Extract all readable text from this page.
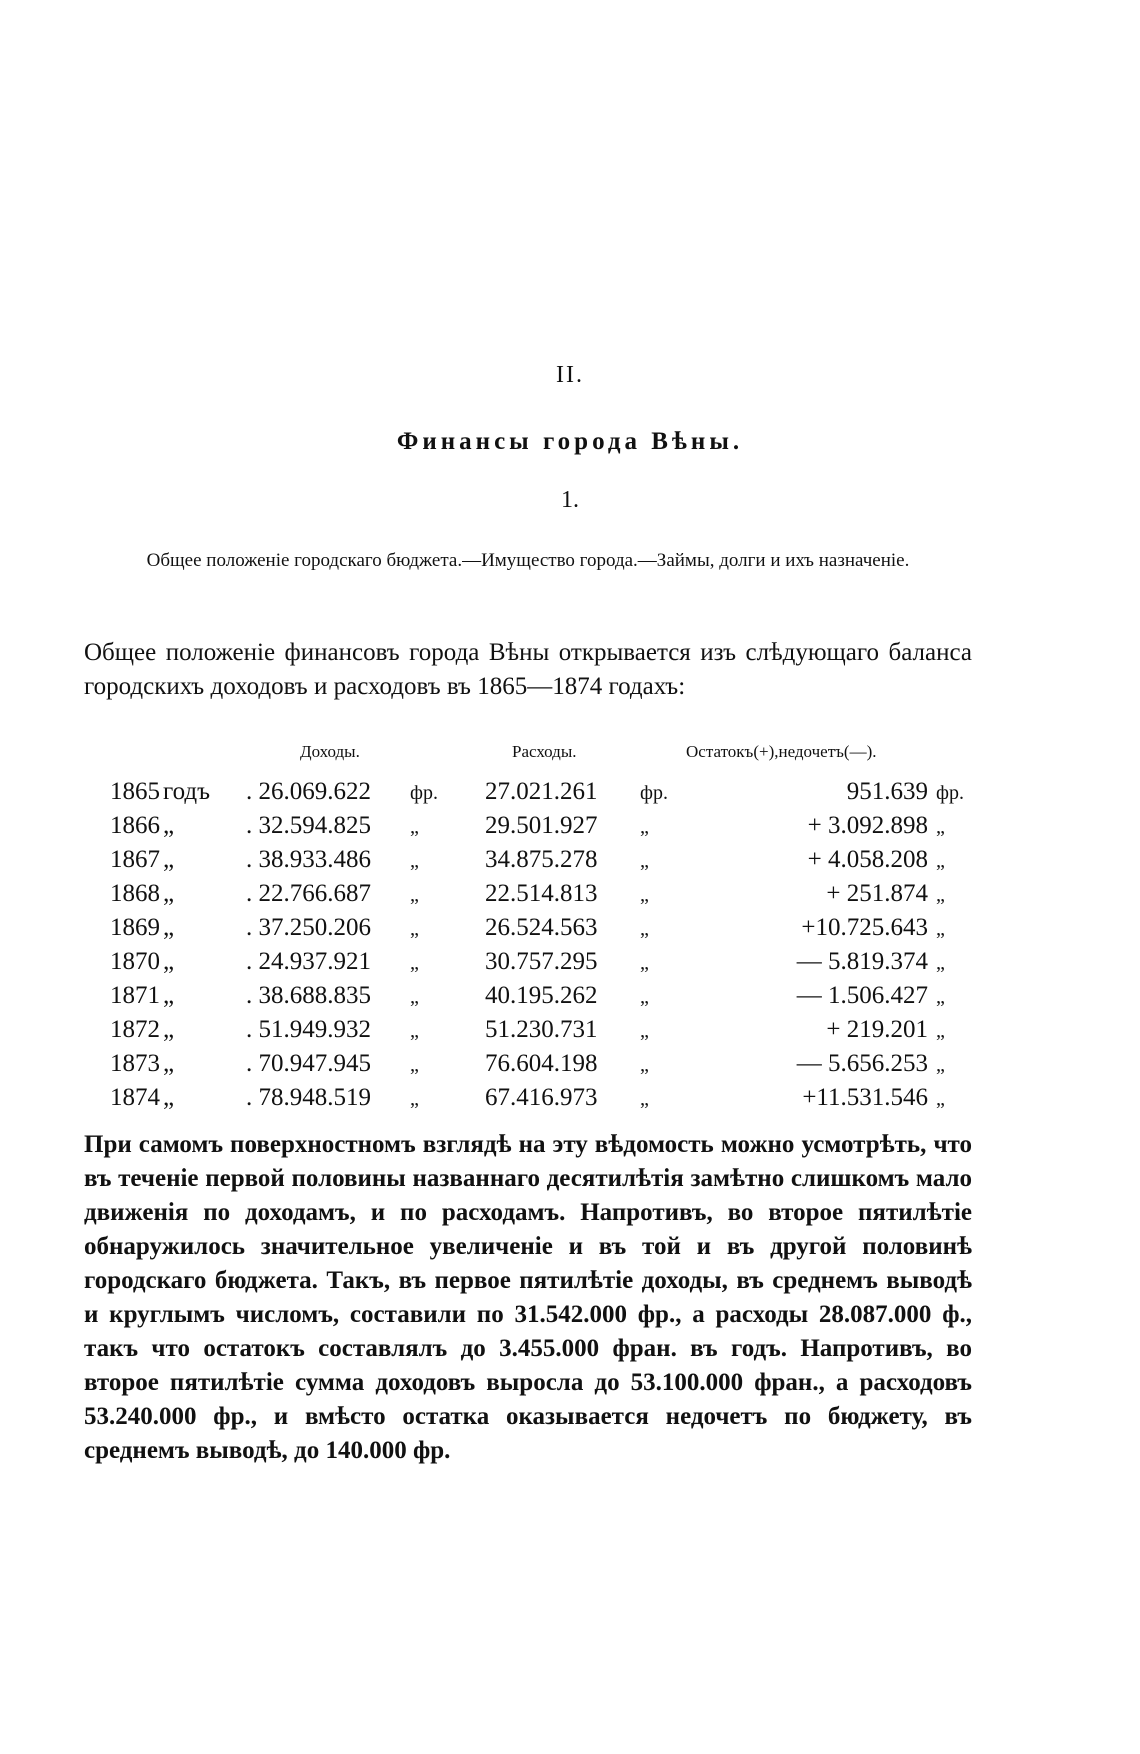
II.
Финансы города Вѣны.
1.
Общее положеніе городскаго бюджета.—Имущество города.—Займы, долги и ихъ назначеніе.
Общее положеніе финансовъ города Вѣны открывается изъ слѣдующаго баланса городскихъ доходовъ и расходовъ въ 1865—1874 годахъ:
Доходы.	Расходы.	Остатокъ(+),недочетъ(—).
1865 годъ . 26.069.622 фр. 27.021.261 фр.	951.639 фр.
1866 „	. 32.594.825 „	29.501.927 „	+ 3.092.898 „
1867 „	. 38.933.486 „	34.875.278 „	+ 4.058.208 „
1868 „	. 22.766.687 „	22.514.813 „	+ 251.874 „
1869 „	. 37.250.206 „	26.524.563 „	+10.725.643 „
1870 „	. 24.937.921 „	30.757.295 „	— 5.819.374 „
1871 „	. 38.688.835 „	40.195.262 „	— 1.506.427 „
1872 „	. 51.949.932 „	51.230.731 „	+ 219.201 „
1873 „	. 70.947.945 „	76.604.198 „	— 5.656.253 „
1874 „	. 78.948.519 „	67.416.973 „	+11.531.546 „
При самомъ поверхностномъ взглядѣ на эту вѣдомость можно усмотрѣть, что въ теченіе первой половины названнаго десятилѣтія замѣтно слишкомъ мало движенія по доходамъ, и по расходамъ. Напротивъ, во второе пятилѣтіе обнаружилось значительное увеличеніе и въ той и въ другой половинѣ городскаго бюджета. Такъ, въ первое пятилѣтіе доходы, въ среднемъ выводѣ и круглымъ числомъ, составили по 31.542.000 фр., а расходы 28.087.000 ф., такъ что остатокъ составлялъ до 3.455.000 фран. въ годъ. Напротивъ, во второе пятилѣтіе сумма доходовъ выросла до 53.100.000 фран., а расходовъ 53.240.000 фр., и вмѣсто остатка оказывается недочетъ по бюджету, въ среднемъ выводѣ, до 140.000 фр.
